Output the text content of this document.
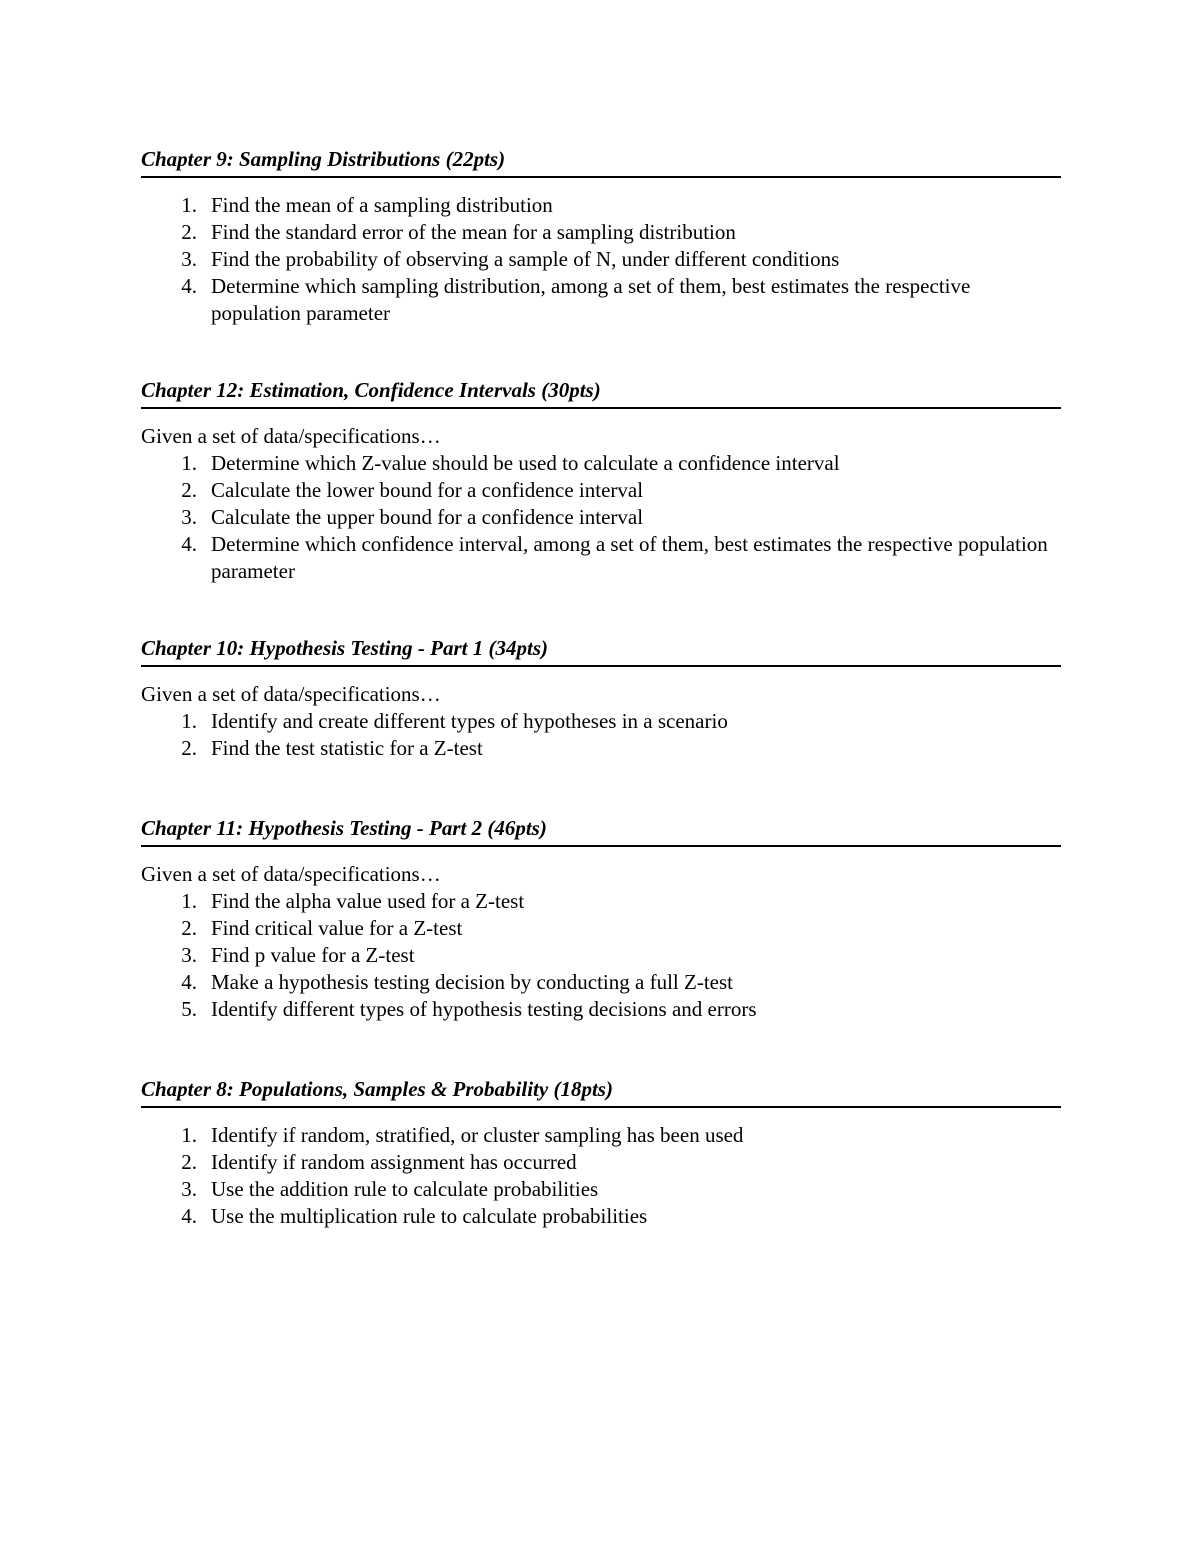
Chapter 9: Sampling Distributions (22pts)
1. Find the mean of a sampling distribution
2. Find the standard error of the mean for a sampling distribution
3. Find the probability of observing a sample of N, under different conditions
4. Determine which sampling distribution, among a set of them, best estimates the respective population parameter
Chapter 12: Estimation, Confidence Intervals (30pts)
Given a set of data/specifications…
1. Determine which Z-value should be used to calculate a confidence interval
2. Calculate the lower bound for a confidence interval
3. Calculate the upper bound for a confidence interval
4. Determine which confidence interval, among a set of them, best estimates the respective population parameter
Chapter 10: Hypothesis Testing - Part 1 (34pts)
Given a set of data/specifications…
1. Identify and create different types of hypotheses in a scenario
2. Find the test statistic for a Z-test
Chapter 11: Hypothesis Testing - Part 2 (46pts)
Given a set of data/specifications…
1. Find the alpha value used for a Z-test
2. Find critical value for a Z-test
3. Find p value for a Z-test
4. Make a hypothesis testing decision by conducting a full Z-test
5. Identify different types of hypothesis testing decisions and errors
Chapter 8: Populations, Samples & Probability (18pts)
1. Identify if random, stratified, or cluster sampling has been used
2. Identify if random assignment has occurred
3. Use the addition rule to calculate probabilities
4. Use the multiplication rule to calculate probabilities
